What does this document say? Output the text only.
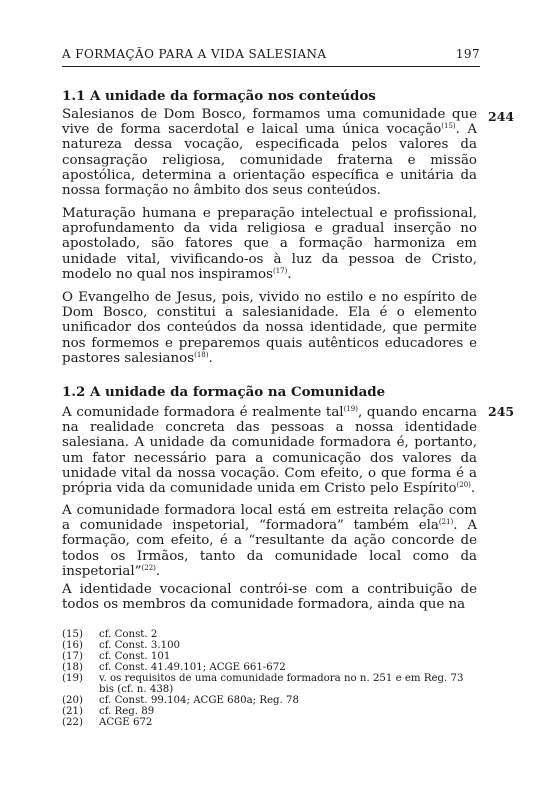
A FORMAÇÃO PARA A VIDA SALESIANA	197
1.1 A unidade da formação nos conteúdos
244
Salesianos de Dom Bosco, formamos uma comunidade que vive de forma sacerdotal e laical uma única vocação$^{(15)}$. A natureza dessa vocação, especificada pelos valores da consagração religiosa, comunidade fraterna e missão apostólica, determina a orientação específica e unitária da nossa formação no âmbito dos seus conteúdos.
Maturação humana e preparação intelectual e profissional, aprofundamento da vida religiosa e gradual inserção no apostolado, são fatores que a formação harmoniza em unidade vital, vivificando-os à luz da pessoa de Cristo, modelo no qual nos inspiramos$^{(17)}$.
O Evangelho de Jesus, pois, vivido no estilo e no espírito de Dom Bosco, constitui a salesianidade. Ela é o elemento unificador dos conteúdos da nossa identidade, que permite nos formemos e preparemos quais autênticos educadores e pastores salesianos$^{(18)}$.
1.2 A unidade da formação na Comunidade
245
A comunidade formadora é realmente tal$^{(19)}$, quando encarna na realidade concreta das pessoas a nossa identidade salesiana. A unidade da comunidade formadora é, portanto, um fator necessário para a comunicação dos valores da unidade vital da nossa vocação. Com efeito, o que forma é a própria vida da comunidade unida em Cristo pelo Espírito$^{(20)}$.
A comunidade formadora local está em estreita relação com a comunidade inspetorial, “formadora” também ela$^{(21)}$. A formação, com efeito, é a “resultante da ação concorde de todos os Irmãos, tanto da comunidade local como da inspetorial”$^{(22)}$.
A identidade vocacional contrói-se com a contribuição de todos os membros da comunidade formadora, ainda que na
(15)	cf. Const. 2
(16)	cf. Const. 3.100
(17)	cf. Const. 101
(18)	cf. Const. 41.49.101; ACGE 661-672
(19)	v. os requisitos de uma comunidade formadora no n. 251 e em Reg. 73 bis (cf. n. 438)
(20)	cf. Const. 99.104; ACGE 680a; Reg. 78
(21)	cf. Reg. 89
(22)	ACGE 672
